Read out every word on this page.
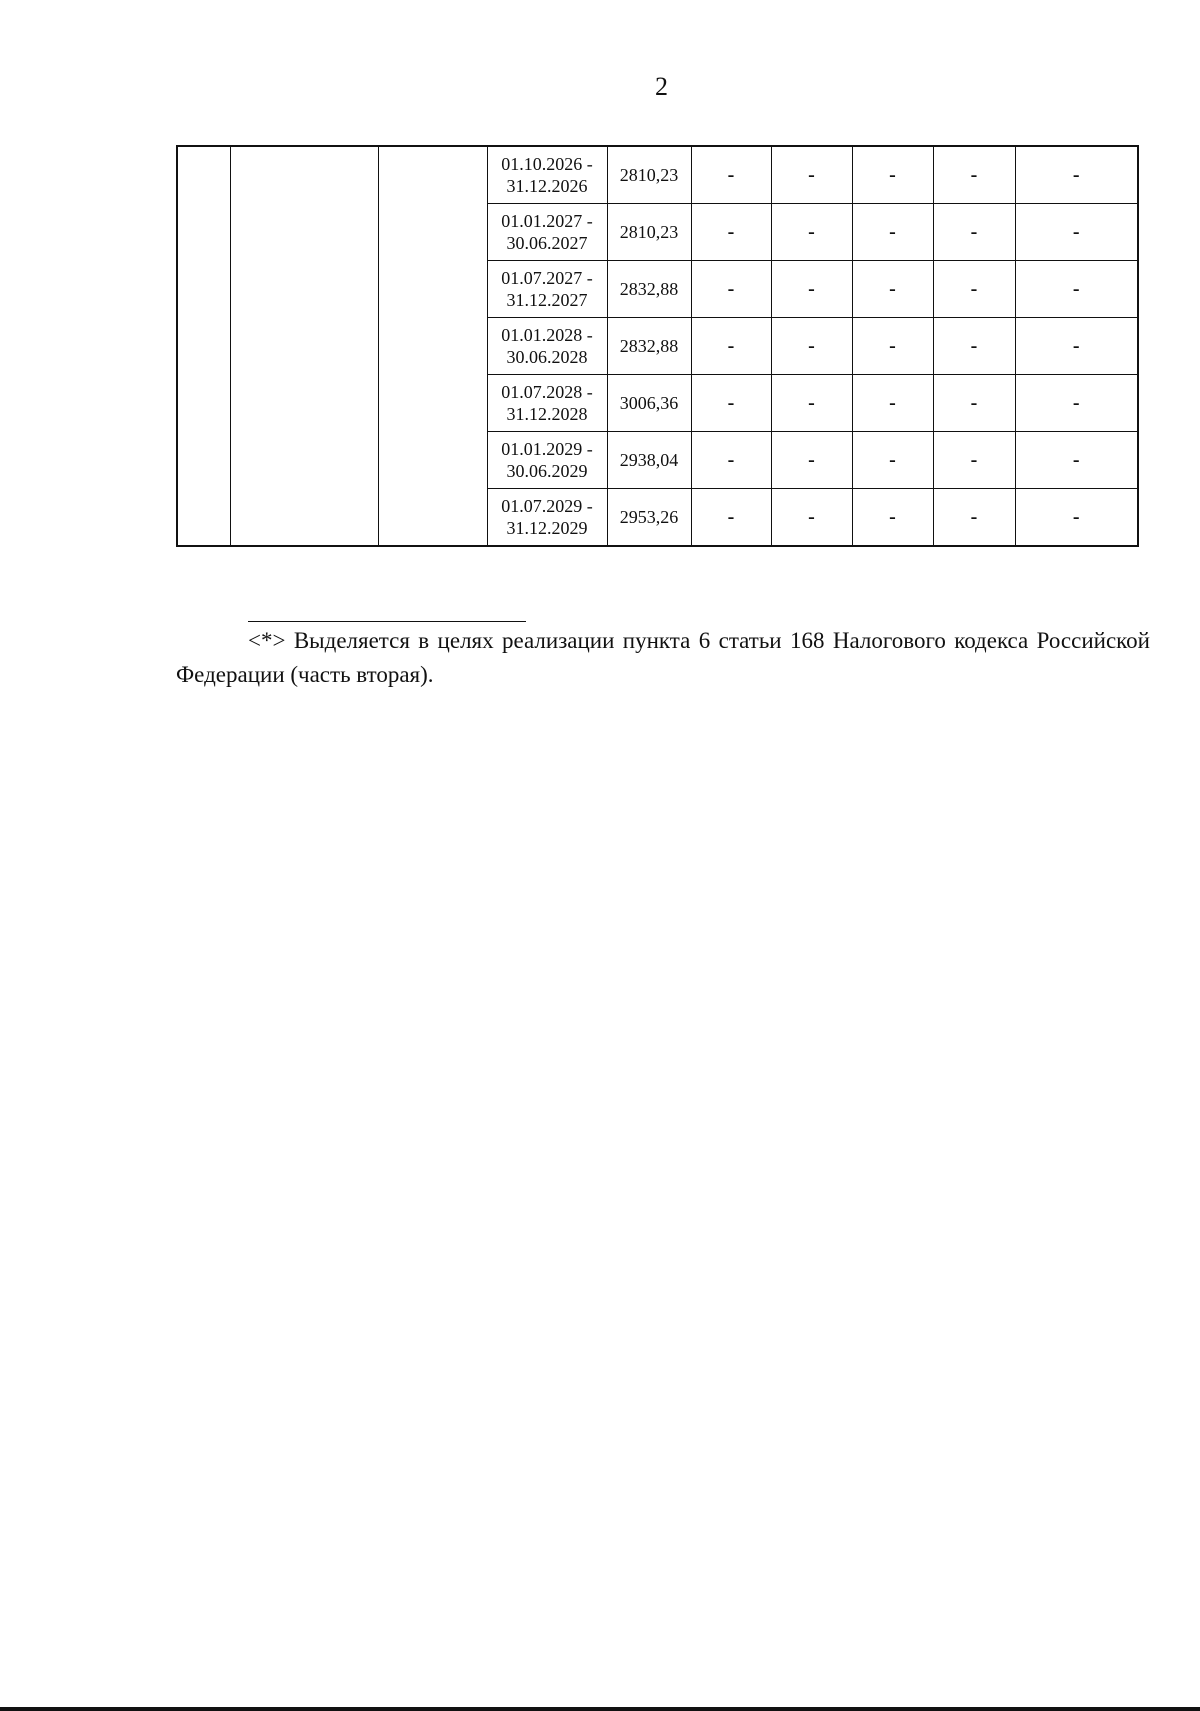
2
			01.10.2026 -
31.12.2026	2810,23	-	-	-	-	-
			01.01.2027 -
30.06.2027	2810,23	-	-	-	-	-
			01.07.2027 -
31.12.2027	2832,88	-	-	-	-	-
			01.01.2028 -
30.06.2028	2832,88	-	-	-	-	-
			01.07.2028 -
31.12.2028	3006,36	-	-	-	-	-
			01.01.2029 -
30.06.2029	2938,04	-	-	-	-	-
			01.07.2029 -
31.12.2029	2953,26	-	-	-	-	-

<*> Выделяется в целях реализации пункта 6 статьи 168 Налогового кодекса Российской Федерации (часть вторая).
